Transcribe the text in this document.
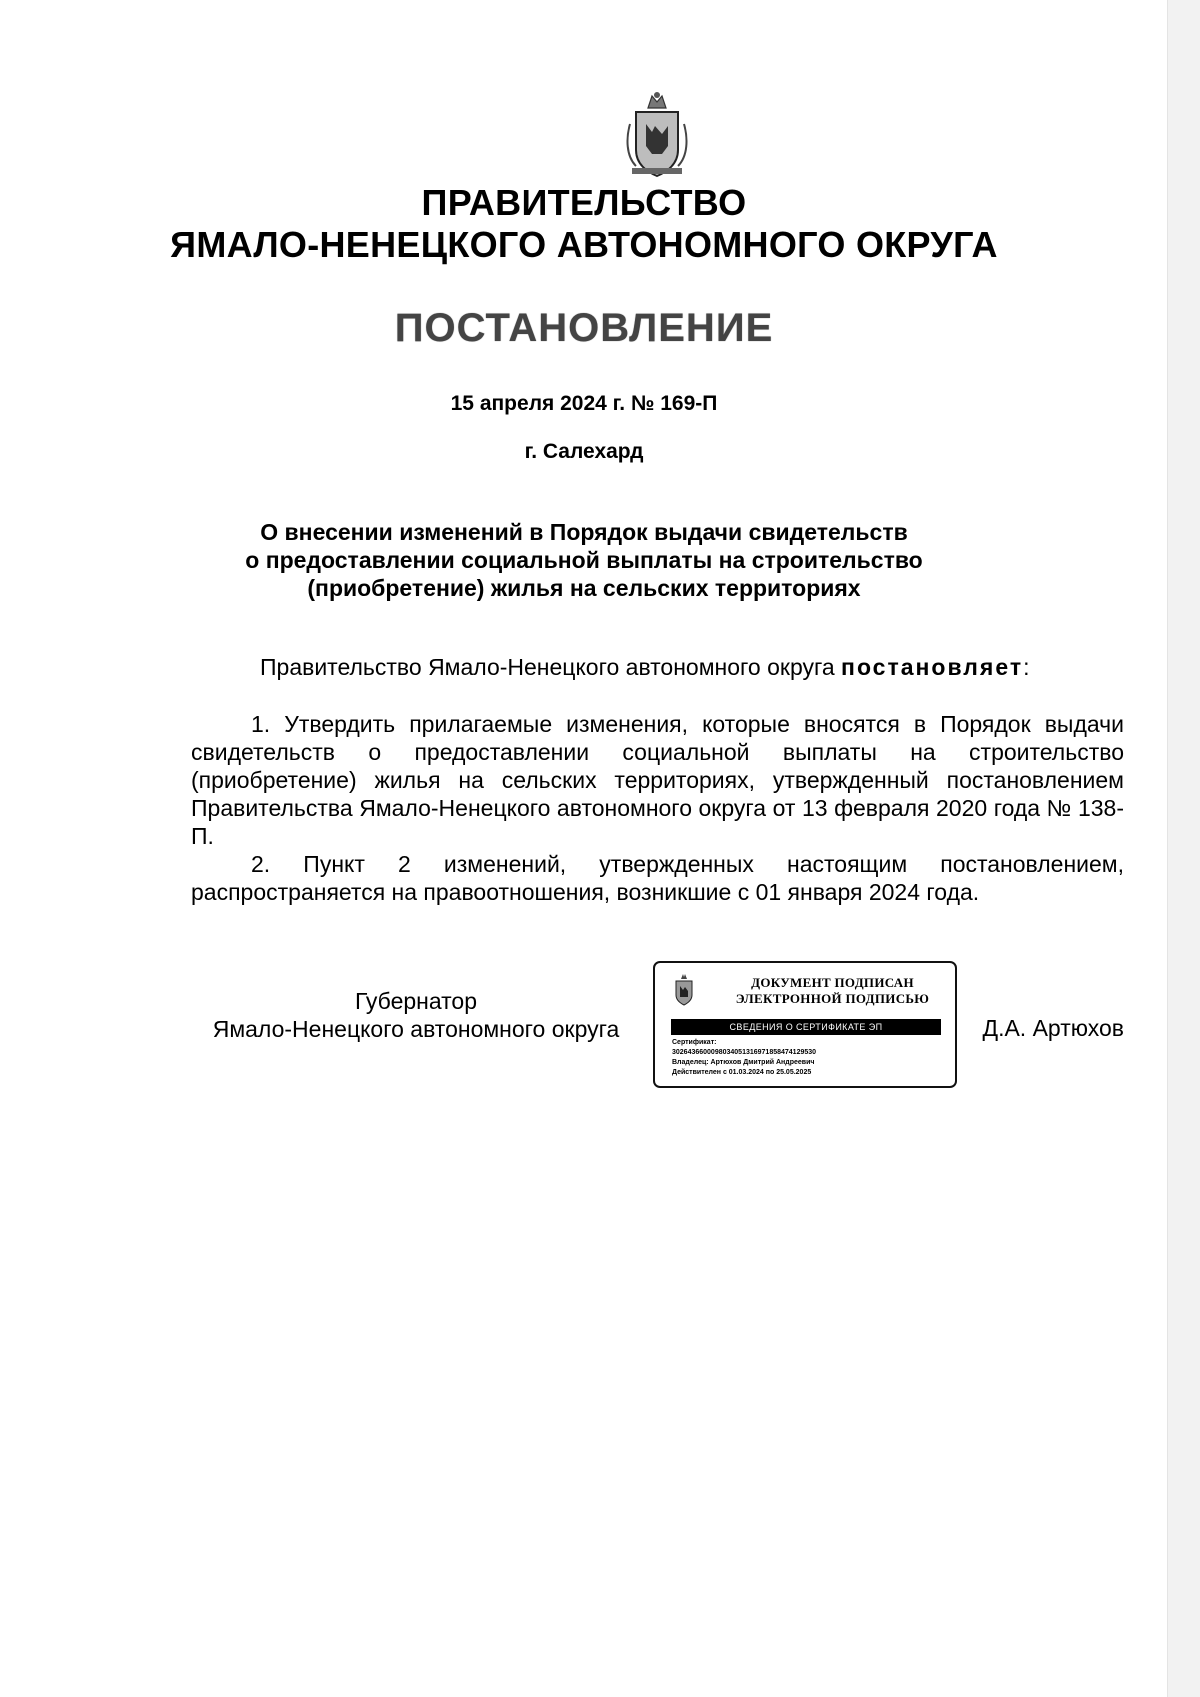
ПРАВИТЕЛЬСТВО
ЯМАЛО-НЕНЕЦКОГО АВТОНОМНОГО ОКРУГА
ПОСТАНОВЛЕНИЕ
15 апреля 2024 г. № 169-П
г. Салехард
О внесении изменений в Порядок выдачи свидетельств
о предоставлении социальной выплаты на строительство
(приобретение) жилья на сельских территориях
Правительство Ямало-Ненецкого автономного округа постановляет:

1. Утвердить прилагаемые изменения, которые вносятся в Порядок выдачи свидетельств о предоставлении социальной выплаты на строительство (приобретение) жилья на сельских территориях, утвержденный постановлением Правительства Ямало-Ненецкого автономного округа от 13 февраля 2020 года № 138-П.

2. Пункт 2 изменений, утвержденных настоящим постановлением, распространяется на правоотношения, возникшие с 01 января 2024 года.

Губернатор
Ямало-Ненецкого автономного округа
ДОКУМЕНТ ПОДПИСАН
ЭЛЕКТРОННОЙ ПОДПИСЬЮ
СВЕДЕНИЯ О СЕРТИФИКАТЕ ЭП
Сертификат:
3026436600098034051316971858474129530
Владелец: Артюхов Дмитрий Андреевич
Действителен с 01.03.2024 по 25.05.2025
Д.А. Артюхов
